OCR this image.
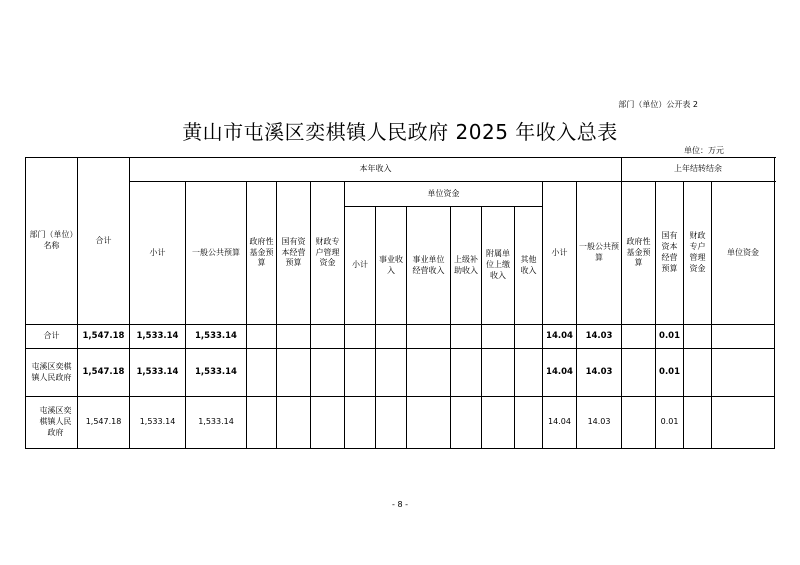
部门（单位）公开表 2
黄山市屯溪区奕棋镇人民政府 2025 年收入总表
单位：万元
部门（单位）名称	合计	本年收入													上年结转结余			
		小计	一般公共预算	政府性基金预算	国有资本经营预算	财政专户管理资金	单位资金						小计	一般公共预算	政府性基金预算	国有资本经营预算	财政专户管理资金	单位资金
							小计	事业收入	事业单位经营收入	上级补助收入	附属单位上缴收入	其他收入						
合计	1,547.18	1,533.14	1,533.14										14.04	14.03		0.01		
屯溪区奕棋镇人民政府	1,547.18	1,533.14	1,533.14										14.04	14.03		0.01		
屯溪区奕棋镇人民政府	1,547.18	1,533.14	1,533.14										14.04	14.03		0.01		
- 8 -
